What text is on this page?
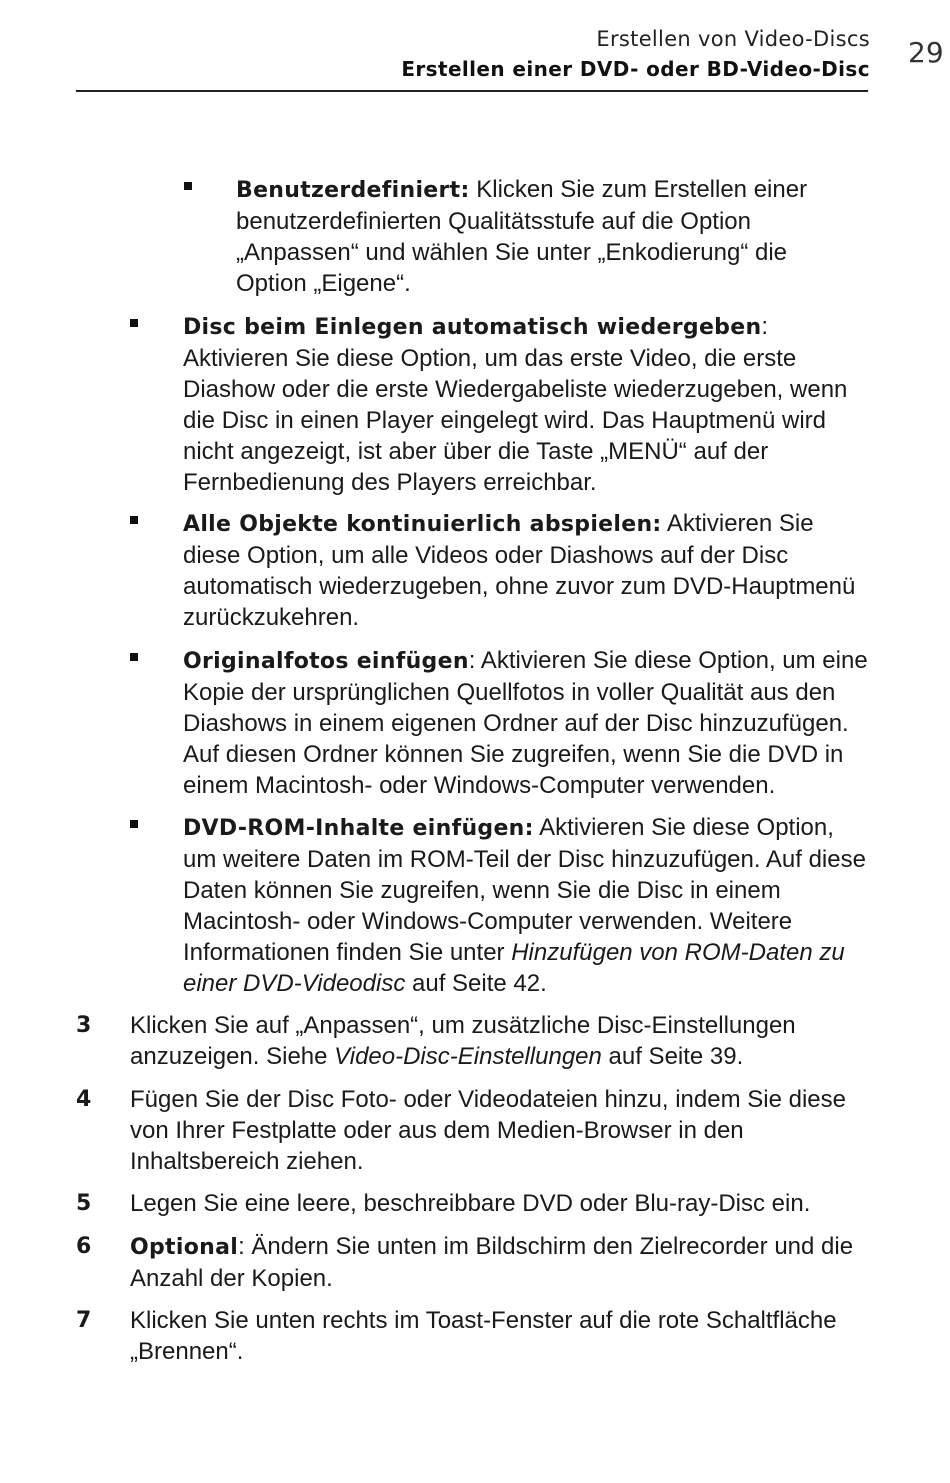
Erstellen von Video-Discs
Erstellen einer DVD- oder BD-Video-Disc 29
Benutzerdefiniert: Klicken Sie zum Erstellen einer benutzerdefinierten Qualitätsstufe auf die Option „Anpassen“ und wählen Sie unter „Enkodierung“ die Option „Eigene“.
Disc beim Einlegen automatisch wiedergeben: Aktivieren Sie diese Option, um das erste Video, die erste Diashow oder die erste Wiedergabeliste wiederzugeben, wenn die Disc in einen Player eingelegt wird. Das Hauptmenü wird nicht angezeigt, ist aber über die Taste „MENÜ“ auf der Fernbedienung des Players erreichbar.
Alle Objekte kontinuierlich abspielen: Aktivieren Sie diese Option, um alle Videos oder Diashows auf der Disc automatisch wiederzugeben, ohne zuvor zum DVD-Hauptmenü zurückzukehren.
Originalfotos einfügen: Aktivieren Sie diese Option, um eine Kopie der ursprünglichen Quellfotos in voller Qualität aus den Diashows in einem eigenen Ordner auf der Disc hinzuzufügen. Auf diesen Ordner können Sie zugreifen, wenn Sie die DVD in einem Macintosh- oder Windows-Computer verwenden.
DVD-ROM-Inhalte einfügen: Aktivieren Sie diese Option, um weitere Daten im ROM-Teil der Disc hinzuzufügen. Auf diese Daten können Sie zugreifen, wenn Sie die Disc in einem Macintosh- oder Windows-Computer verwenden. Weitere Informationen finden Sie unter Hinzufügen von ROM-Daten zu einer DVD-Videodisc auf Seite 42.
3 Klicken Sie auf „Anpassen“, um zusätzliche Disc-Einstellungen anzuzeigen. Siehe Video-Disc-Einstellungen auf Seite 39.
4 Fügen Sie der Disc Foto- oder Videodateien hinzu, indem Sie diese von Ihrer Festplatte oder aus dem Medien-Browser in den Inhaltsbereich ziehen.
5 Legen Sie eine leere, beschreibbare DVD oder Blu-ray-Disc ein.
6 Optional: Ändern Sie unten im Bildschirm den Zielrecorder und die Anzahl der Kopien.
7 Klicken Sie unten rechts im Toast-Fenster auf die rote Schaltfläche „Brennen“.
